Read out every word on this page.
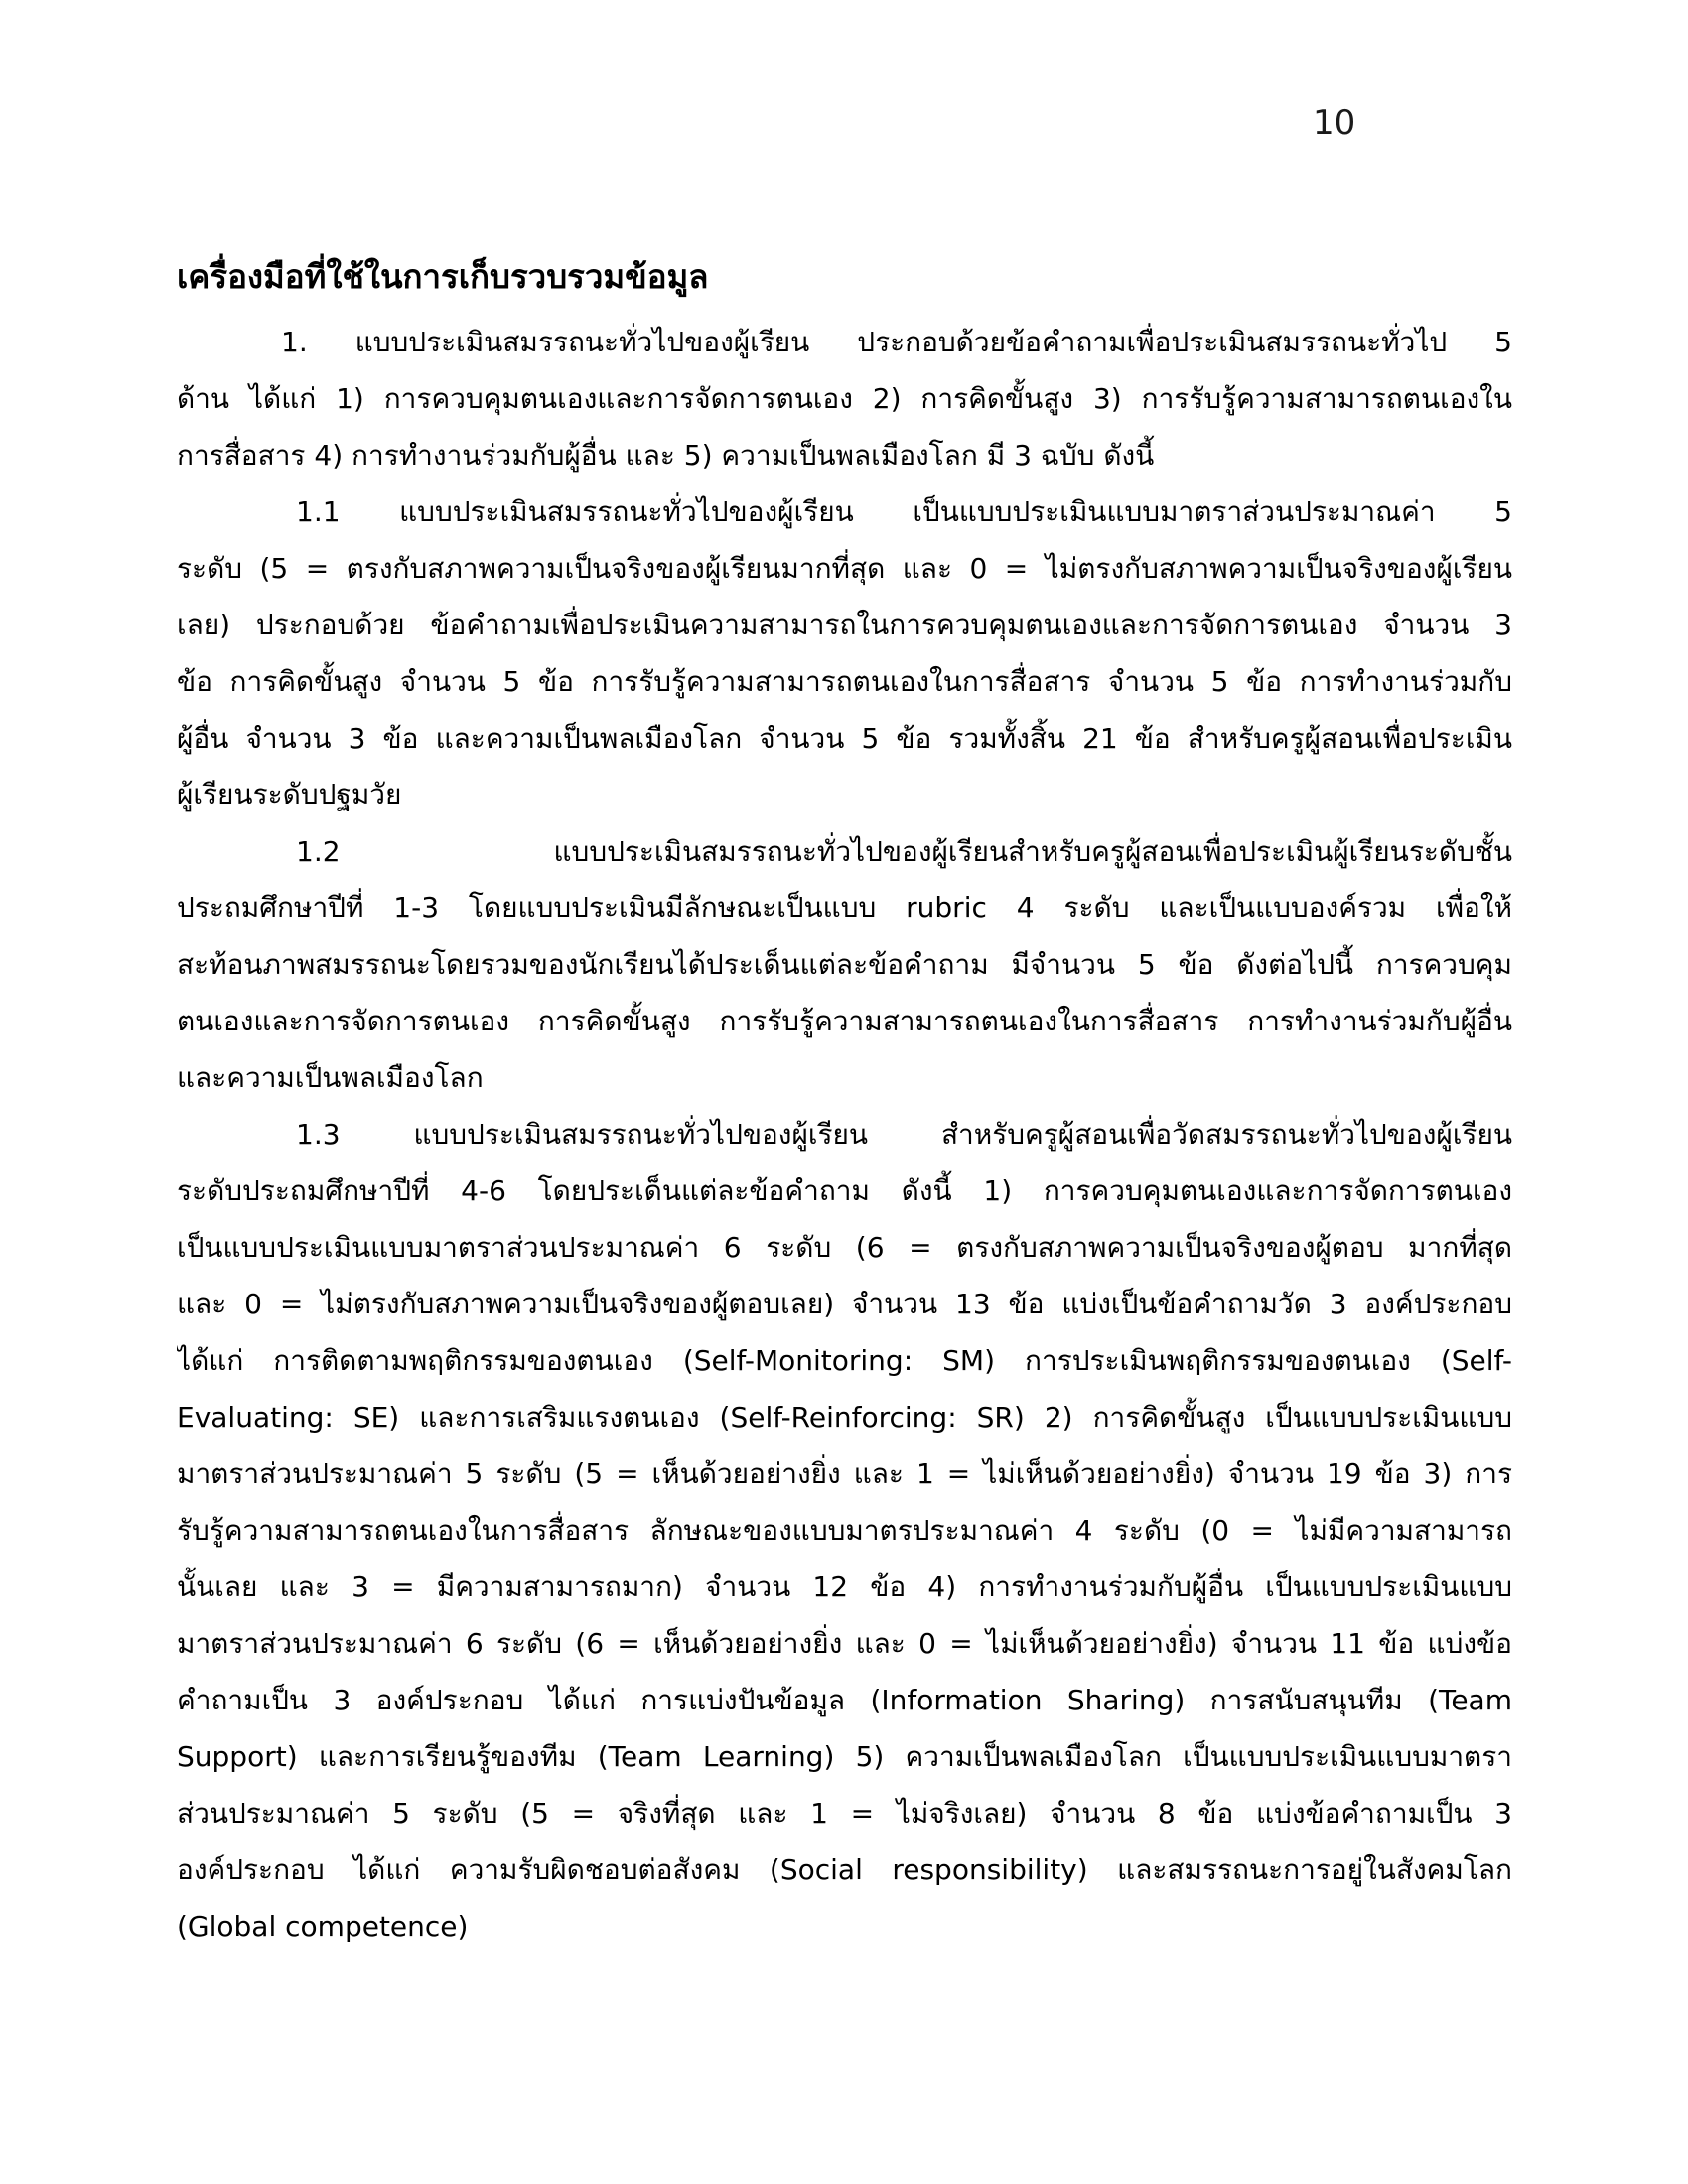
10
เครื่องมือที่ใช้ในการเก็บรวบรวมข้อมูล
1. แบบประเมินสมรรถนะทั่วไปของผู้เรียน ประกอบด้วยข้อคำถามเพื่อประเมินสมรรถนะทั่วไป 5
ด้าน ได้แก่ 1) การควบคุมตนเองและการจัดการตนเอง 2) การคิดขั้นสูง 3) การรับรู้ความสามารถตนเองใน
การสื่อสาร 4) การทำงานร่วมกับผู้อื่น และ 5) ความเป็นพลเมืองโลก มี 3 ฉบับ ดังนี้
1.1 แบบประเมินสมรรถนะทั่วไปของผู้เรียน เป็นแบบประเมินแบบมาตราส่วนประมาณค่า 5
ระดับ (5 = ตรงกับสภาพความเป็นจริงของผู้เรียนมากที่สุด และ 0 = ไม่ตรงกับสภาพความเป็นจริงของผู้เรียน
เลย) ประกอบด้วย ข้อคำถามเพื่อประเมินความสามารถในการควบคุมตนเองและการจัดการตนเอง จำนวน 3
ข้อ การคิดขั้นสูง จำนวน 5 ข้อ การรับรู้ความสามารถตนเองในการสื่อสาร จำนวน 5 ข้อ การทำงานร่วมกับ
ผู้อื่น จำนวน 3 ข้อ และความเป็นพลเมืองโลก จำนวน 5 ข้อ รวมทั้งสิ้น 21 ข้อ สำหรับครูผู้สอนเพื่อประเมิน
ผู้เรียนระดับปฐมวัย
1.2 แบบประเมินสมรรถนะทั่วไปของผู้เรียนสำหรับครูผู้สอนเพื่อประเมินผู้เรียนระดับชั้น
ประถมศึกษาปีที่ 1-3 โดยแบบประเมินมีลักษณะเป็นแบบ rubric 4 ระดับ และเป็นแบบองค์รวม เพื่อให้
สะท้อนภาพสมรรถนะโดยรวมของนักเรียนได้ประเด็นแต่ละข้อคำถาม มีจำนวน 5 ข้อ ดังต่อไปนี้ การควบคุม
ตนเองและการจัดการตนเอง การคิดขั้นสูง การรับรู้ความสามารถตนเองในการสื่อสาร การทำงานร่วมกับผู้อื่น
และความเป็นพลเมืองโลก
1.3 แบบประเมินสมรรถนะทั่วไปของผู้เรียน สำหรับครูผู้สอนเพื่อวัดสมรรถนะทั่วไปของผู้เรียน
ระดับประถมศึกษาปีที่ 4-6 โดยประเด็นแต่ละข้อคำถาม ดังนี้ 1) การควบคุมตนเองและการจัดการตนเอง
เป็นแบบประเมินแบบมาตราส่วนประมาณค่า 6 ระดับ (6 = ตรงกับสภาพความเป็นจริงของผู้ตอบ มากที่สุด
และ 0 = ไม่ตรงกับสภาพความเป็นจริงของผู้ตอบเลย) จำนวน 13 ข้อ แบ่งเป็นข้อคำถามวัด 3 องค์ประกอบ
ได้แก่ การติดตามพฤติกรรมของตนเอง (Self-Monitoring: SM) การประเมินพฤติกรรมของตนเอง (Self-
Evaluating: SE) และการเสริมแรงตนเอง (Self-Reinforcing: SR) 2) การคิดขั้นสูง เป็นแบบประเมินแบบ
มาตราส่วนประมาณค่า 5 ระดับ (5 = เห็นด้วยอย่างยิ่ง และ 1 = ไม่เห็นด้วยอย่างยิ่ง) จำนวน 19 ข้อ 3) การ
รับรู้ความสามารถตนเองในการสื่อสาร ลักษณะของแบบมาตรประมาณค่า 4 ระดับ (0 = ไม่มีความสามารถ
นั้นเลย และ 3 = มีความสามารถมาก) จำนวน 12 ข้อ 4) การทำงานร่วมกับผู้อื่น เป็นแบบประเมินแบบ
มาตราส่วนประมาณค่า 6 ระดับ (6 = เห็นด้วยอย่างยิ่ง และ 0 = ไม่เห็นด้วยอย่างยิ่ง) จำนวน 11 ข้อ แบ่งข้อ
คำถามเป็น 3 องค์ประกอบ ได้แก่ การแบ่งปันข้อมูล (Information Sharing) การสนับสนุนทีม (Team
Support) และการเรียนรู้ของทีม (Team Learning) 5) ความเป็นพลเมืองโลก เป็นแบบประเมินแบบมาตรา
ส่วนประมาณค่า 5 ระดับ (5 = จริงที่สุด และ 1 = ไม่จริงเลย) จำนวน 8 ข้อ แบ่งข้อคำถามเป็น 3
องค์ประกอบ ได้แก่ ความรับผิดชอบต่อสังคม (Social responsibility) และสมรรถนะการอยู่ในสังคมโลก
(Global competence)
